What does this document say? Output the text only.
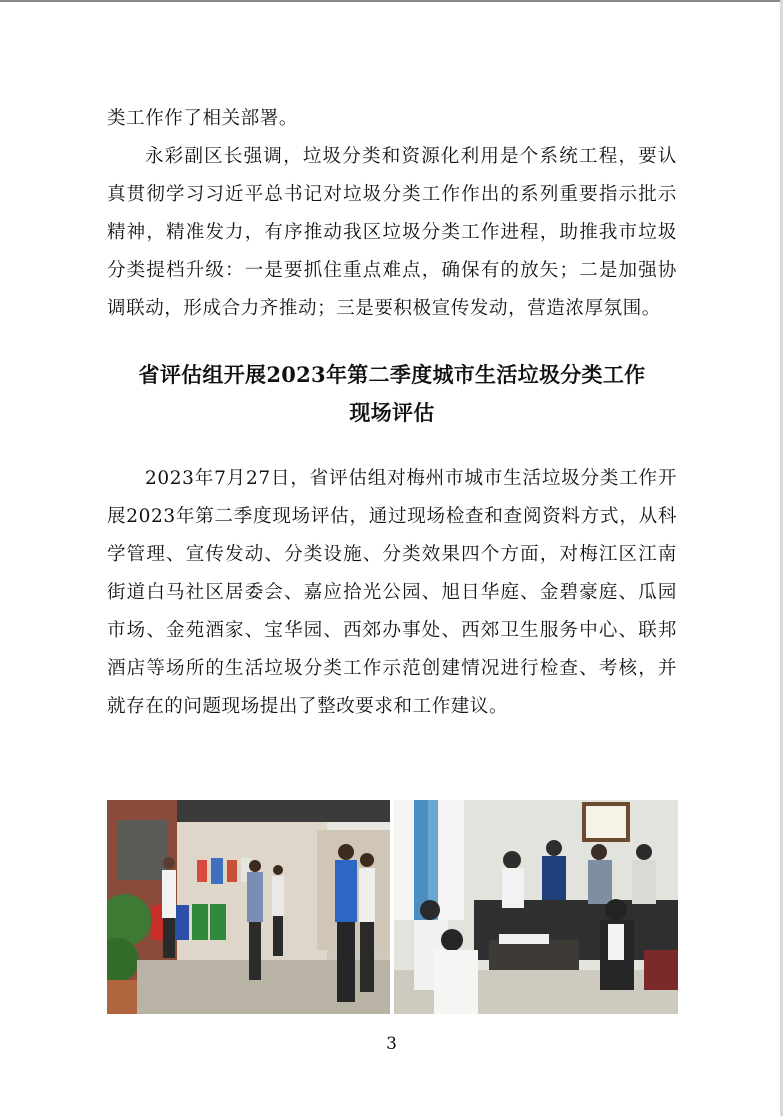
类工作作了相关部署。

永彩副区长强调，垃圾分类和资源化利用是个系统工程，要认真贯彻学习习近平总书记对垃圾分类工作作出的系列重要指示批示精神，精准发力，有序推动我区垃圾分类工作进程，助推我市垃圾分类提档升级：一是要抓住重点难点，确保有的放矢；二是加强协调联动，形成合力齐推动；三是要积极宣传发动，营造浓厚氛围。

省评估组开展2023年第二季度城市生活垃圾分类工作
现场评估

2023年7月27日，省评估组对梅州市城市生活垃圾分类工作开展2023年第二季度现场评估，通过现场检查和查阅资料方式，从科学管理、宣传发动、分类设施、分类效果四个方面，对梅江区江南街道白马社区居委会、嘉应拾光公园、旭日华庭、金碧豪庭、瓜园市场、金苑酒家、宝华园、西郊办事处、西郊卫生服务中心、联邦酒店等场所的生活垃圾分类工作示范创建情况进行检查、考核，并就存在的问题现场提出了整改要求和工作建议。

3
